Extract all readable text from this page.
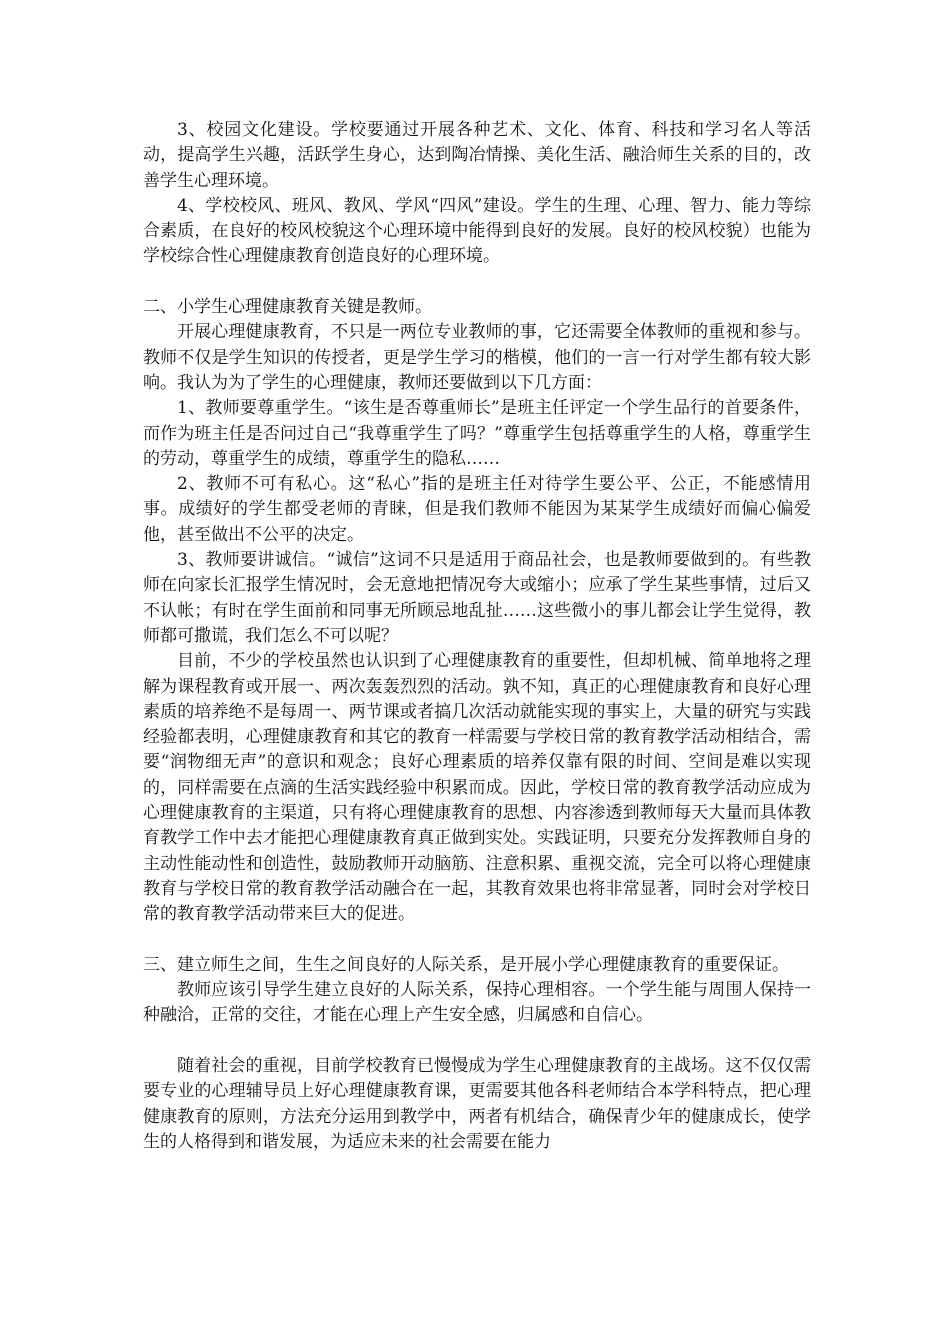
3、校园文化建设。学校要通过开展各种艺术、文化、体育、科技和学习名人等活动，提高学生兴趣，活跃学生身心，达到陶冶情操、美化生活、融洽师生关系的目的，改善学生心理环境。

4、学校校风、班风、教风、学风“四风”建设。学生的生理、心理、智力、能力等综合素质，在良好的校风校貌这个心理环境中能得到良好的发展。良好的校风校貌）也能为学校综合性心理健康教育创造良好的心理环境。

二、小学生心理健康教育关键是教师。

开展心理健康教育，不只是一两位专业教师的事，它还需要全体教师的重视和参与。教师不仅是学生知识的传授者，更是学生学习的楷模，他们的一言一行对学生都有较大影响。我认为为了学生的心理健康，教师还要做到以下几方面：

1、教师要尊重学生。“该生是否尊重师长”是班主任评定一个学生品行的首要条件，而作为班主任是否问过自己“我尊重学生了吗？”尊重学生包括尊重学生的人格，尊重学生的劳动，尊重学生的成绩，尊重学生的隐私……

2、教师不可有私心。这“私心”指的是班主任对待学生要公平、公正，不能感情用事。成绩好的学生都受老师的青睐，但是我们教师不能因为某某学生成绩好而偏心偏爱他，甚至做出不公平的决定。

3、教师要讲诚信。“诚信”这词不只是适用于商品社会，也是教师要做到的。有些教师在向家长汇报学生情况时，会无意地把情况夸大或缩小；应承了学生某些事情，过后又不认帐；有时在学生面前和同事无所顾忌地乱扯……这些微小的事儿都会让学生觉得，教师都可撒谎，我们怎么不可以呢？

目前，不少的学校虽然也认识到了心理健康教育的重要性，但却机械、简单地将之理解为课程教育或开展一、两次轰轰烈烈的活动。孰不知，真正的心理健康教育和良好心理素质的培养绝不是每周一、两节课或者搞几次活动就能实现的事实上，大量的研究与实践经验都表明，心理健康教育和其它的教育一样需要与学校日常的教育教学活动相结合，需要“润物细无声”的意识和观念；良好心理素质的培养仅靠有限的时间、空间是难以实现的，同样需要在点滴的生活实践经验中积累而成。因此，学校日常的教育教学活动应成为心理健康教育的主渠道，只有将心理健康教育的思想、内容渗透到教师每天大量而具体教育教学工作中去才能把心理健康教育真正做到实处。实践证明，只要充分发挥教师自身的主动性能动性和创造性，鼓励教师开动脑筋、注意积累、重视交流，完全可以将心理健康教育与学校日常的教育教学活动融合在一起，其教育效果也将非常显著，同时会对学校日常的教育教学活动带来巨大的促进。

三、建立师生之间，生生之间良好的人际关系，是开展小学心理健康教育的重要保证。

教师应该引导学生建立良好的人际关系，保持心理相容。一个学生能与周围人保持一种融洽，正常的交往，才能在心理上产生安全感，归属感和自信心。

随着社会的重视，目前学校教育已慢慢成为学生心理健康教育的主战场。这不仅仅需要专业的心理辅导员上好心理健康教育课，更需要其他各科老师结合本学科特点，把心理健康教育的原则，方法充分运用到教学中，两者有机结合，确保青少年的健康成长，使学生的人格得到和谐发展，为适应未来的社会需要在能力
